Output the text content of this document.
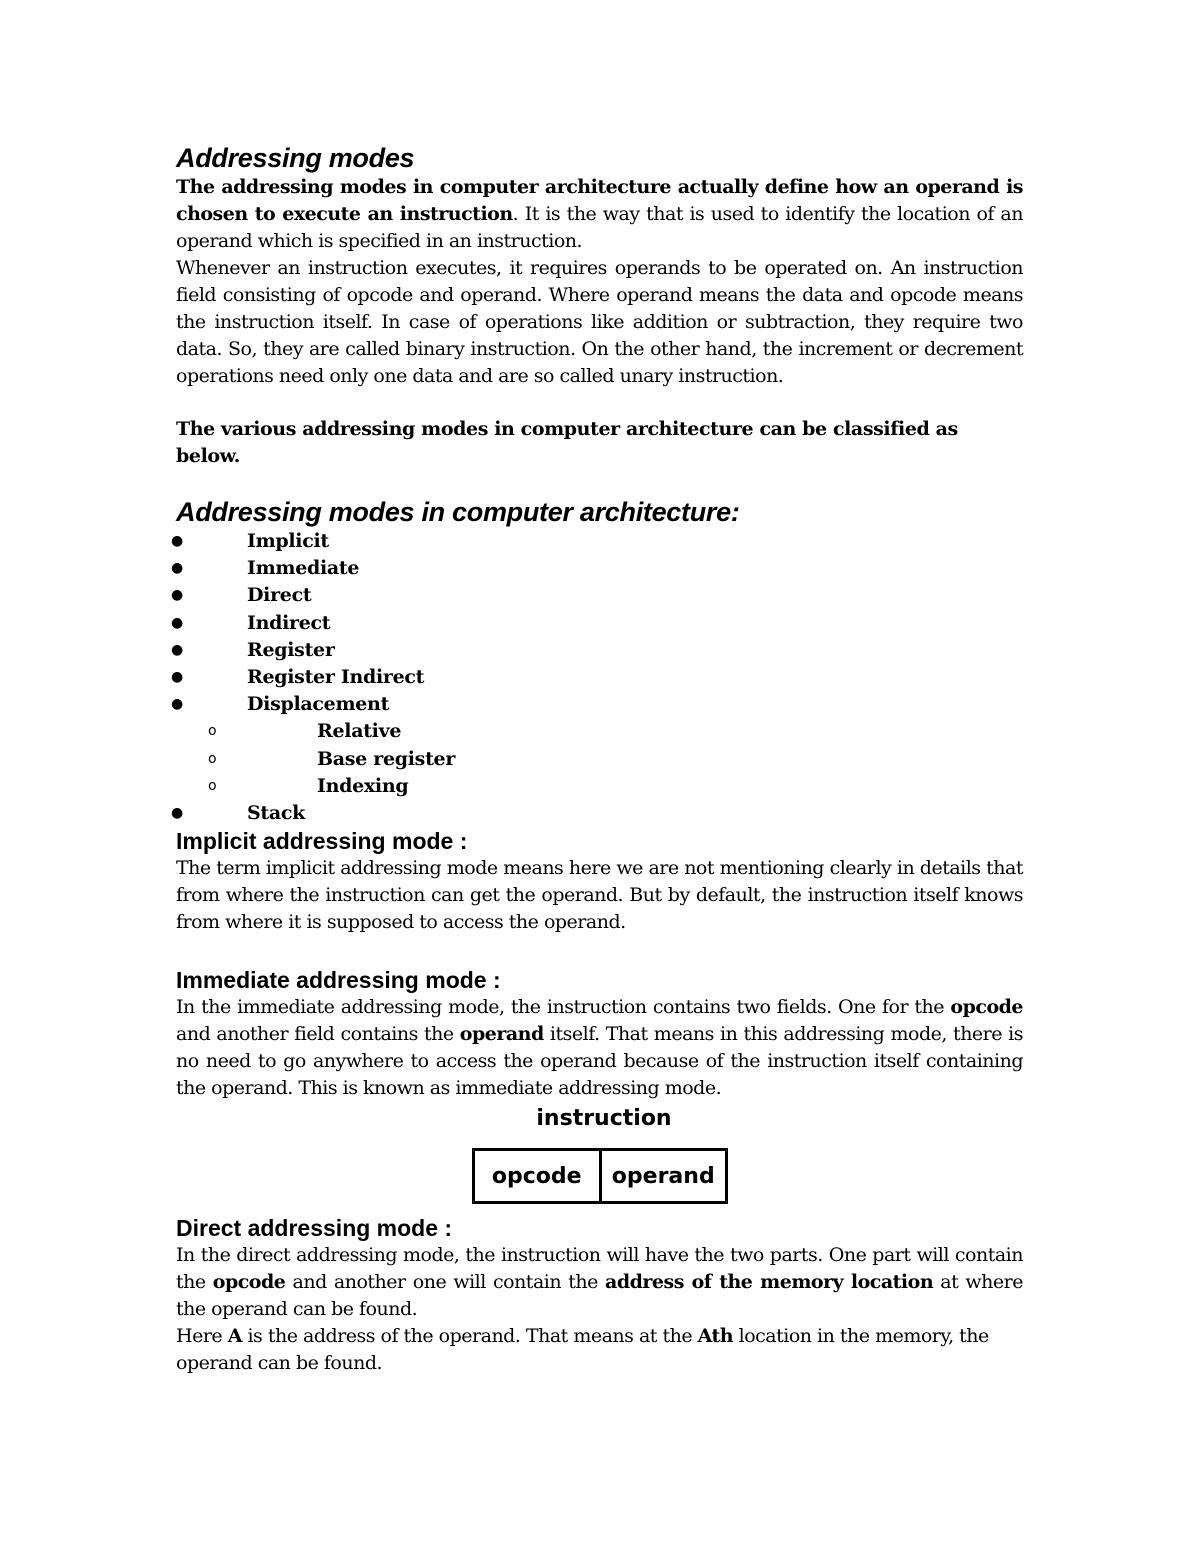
Addressing modes

The addressing modes in computer architecture actually define how an operand is chosen to execute an instruction. It is the way that is used to identify the location of an operand which is specified in an instruction.

Whenever an instruction executes, it requires operands to be operated on. An instruction field consisting of opcode and operand. Where operand means the data and opcode means the instruction itself. In case of operations like addition or subtraction, they require two data. So, they are called binary instruction. On the other hand, the increment or decrement operations need only one data and are so called unary instruction.

The various addressing modes in computer architecture can be classified as below.
Addressing modes in computer architecture:
●	Implicit
●	Immediate
●	Direct
●	Indirect
●	Register
●	Register Indirect
●	Displacement
o	Relative
o	Base register
o	Indexing
●	Stack
Implicit addressing mode :

The term implicit addressing mode means here we are not mentioning clearly in details that from where the instruction can get the operand. But by default, the instruction itself knows from where it is supposed to access the operand.

Immediate addressing mode :

In the immediate addressing mode, the instruction contains two fields. One for the opcode and another field contains the operand itself. That means in this addressing mode, there is no need to go anywhere to access the operand because of the instruction itself containing the operand. This is known as immediate addressing mode.

instruction
opcode	operand
Direct addressing mode :

In the direct addressing mode, the instruction will have the two parts. One part will contain the opcode and another one will contain the address of the memory location at where the operand can be found.

Here A is the address of the operand. That means at the Ath location in the memory, the operand can be found.
